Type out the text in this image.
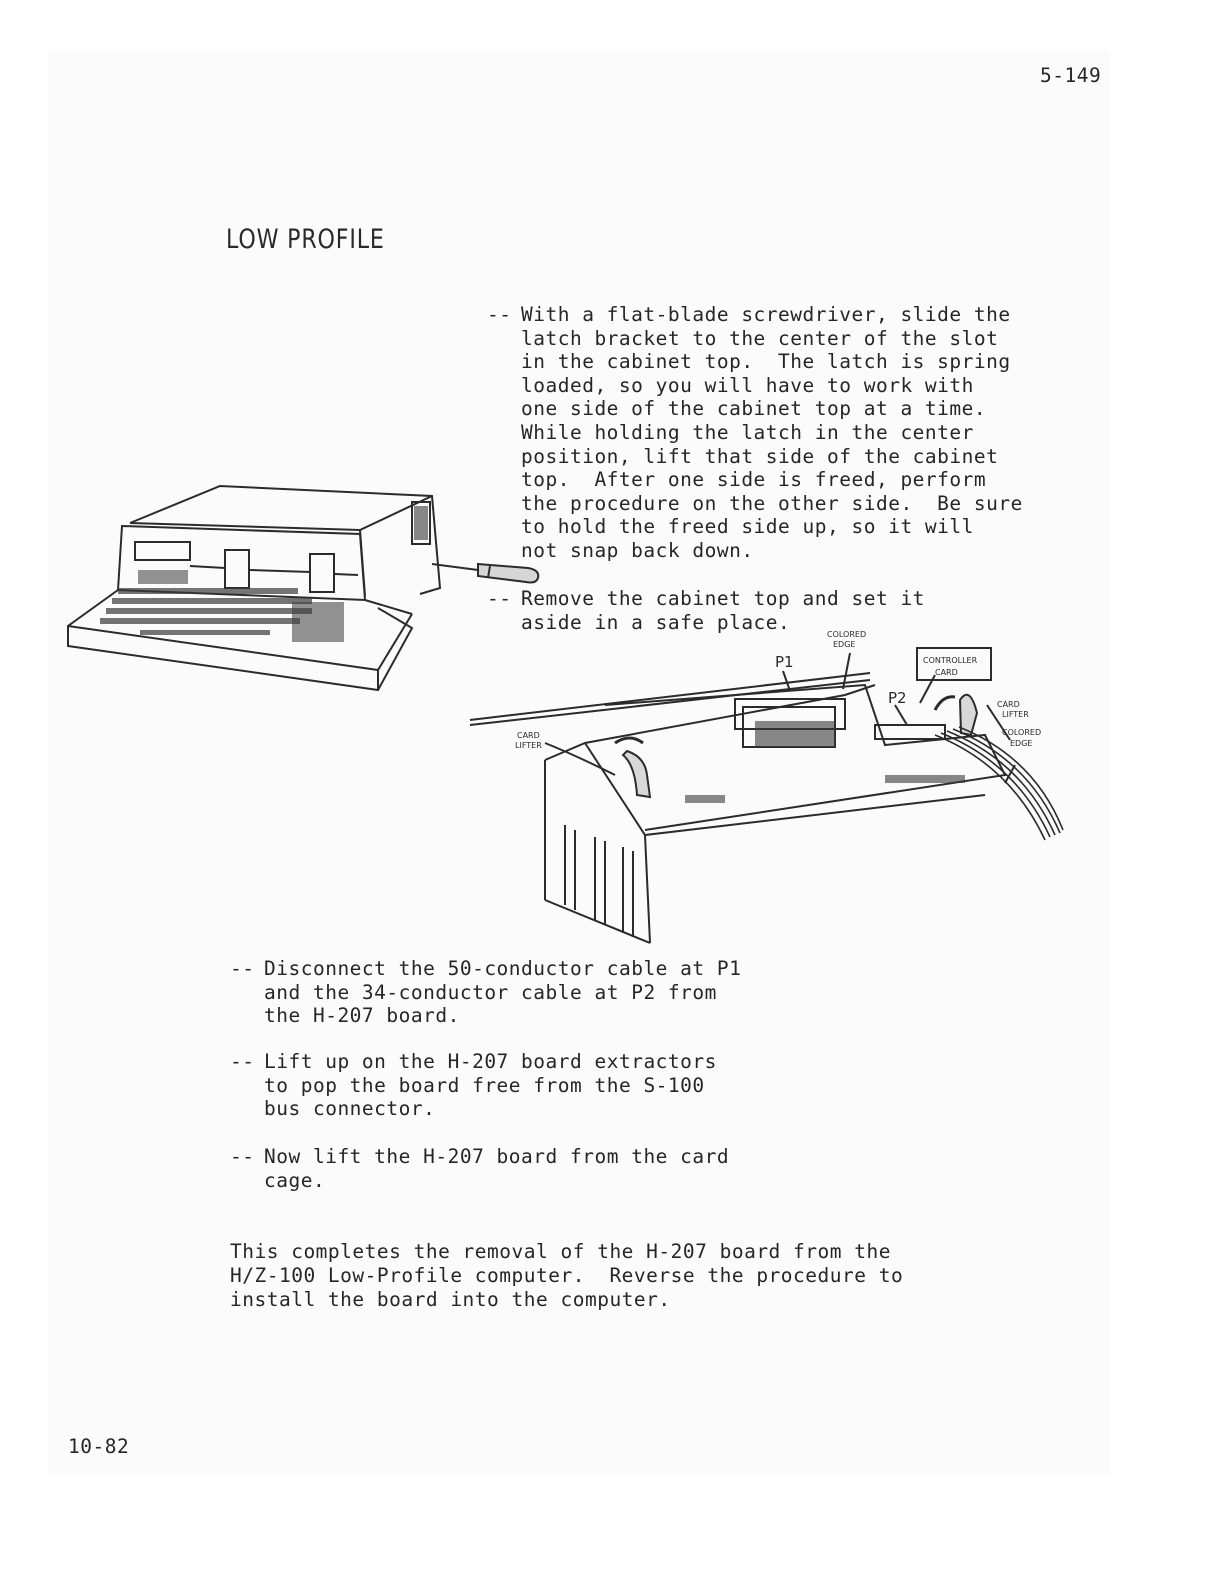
5-149
LOW PROFILE

--

With a flat-blade screwdriver, slide the
latch bracket to the center of the slot
in the cabinet top.  The latch is spring
loaded, so you will have to work with
one side of the cabinet top at a time.
While holding the latch in the center
position, lift that side of the cabinet
top.  After one side is freed, perform
the procedure on the other side.  Be sure
to hold the freed side up, so it will
not snap back down.

--

Remove the cabinet top and set it
aside in a safe place.

COLORED
EDGE
P1
P2
CONTROLLER
CARD
CARD
LIFTER
CARD
LIFTER
COLORED
EDGE

--

Disconnect the 50-conductor cable at P1
and the 34-conductor cable at P2 from
the H-207 board.

--

Lift up on the H-207 board extractors
to pop the board free from the S-100
bus connector.

--

Now lift the H-207 board from the card
cage.

This completes the removal of the H-207 board from the
H/Z-100 Low-Profile computer.  Reverse the procedure to
install the board into the computer.
10-82
